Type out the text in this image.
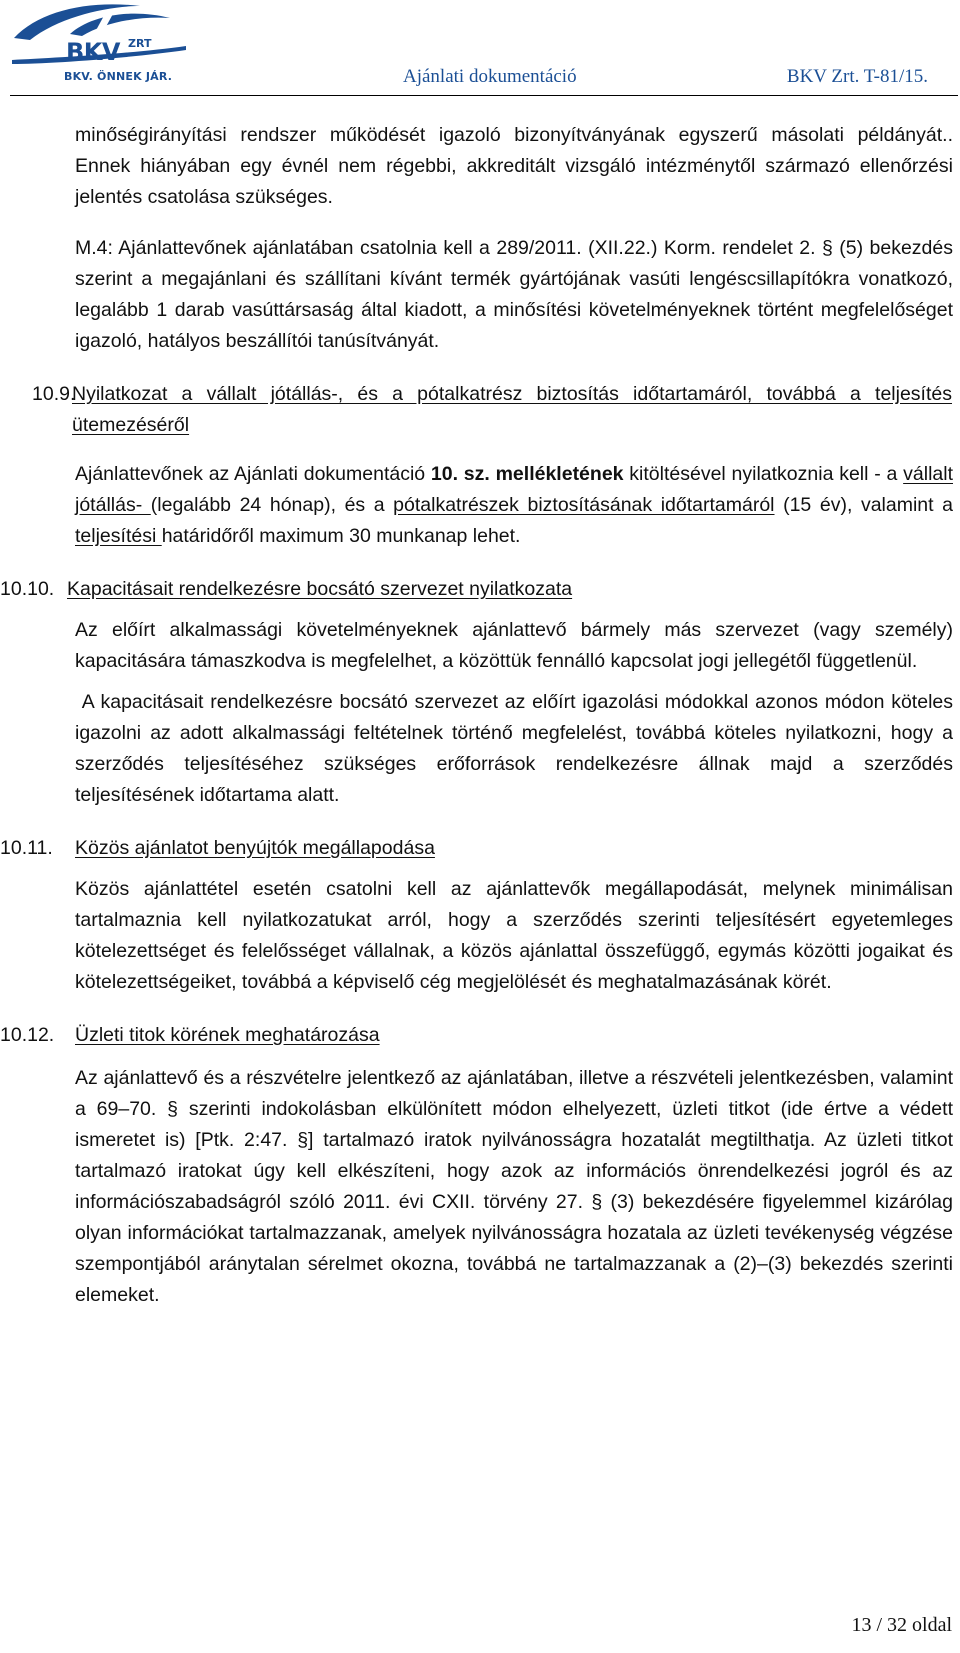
BKV ZRT
BKV. ÖNNEK JÁR.	Ajánlati dokumentáció	BKV Zrt. T-81/15.

minőségirányítási rendszer működését igazoló bizonyítványának egyszerű másolati példányát.. Ennek hiányában egy évnél nem régebbi, akkreditált vizsgáló intézménytől származó ellenőrzési jelentés csatolása szükséges.

M.4: Ajánlattevőnek ajánlatában csatolnia kell a 289/2011. (XII.22.) Korm. rendelet 2. § (5) bekezdés szerint a megajánlani és szállítani kívánt termék gyártójának vasúti lengéscsillapítókra vonatkozó, legalább 1 darab vasúttársaság által kiadott, a minősítési követelményeknek történt megfelelőséget igazoló, hatályos beszállítói tanúsítványát.

10.9.
Nyilatkozat a vállalt jótállás-, és a pótalkatrész biztosítás időtartamáról, továbbá a teljesítés ütemezéséről

Ajánlattevőnek az Ajánlati dokumentáció 10. sz. mellékletének kitöltésével nyilatkoznia kell - a vállalt jótállás- (legalább 24 hónap), és a pótalkatrészek biztosításának időtartamáról (15 év), valamint a teljesítési határidőről maximum 30 munkanap lehet.

10.10. Kapacitásait rendelkezésre bocsátó szervezet nyilatkozata

Az előírt alkalmassági követelményeknek ajánlattevő bármely más szervezet (vagy személy) kapacitására támaszkodva is megfelelhet, a közöttük fennálló kapcsolat jogi jellegétől függetlenül.

A kapacitásait rendelkezésre bocsátó szervezet az előírt igazolási módokkal azonos módon köteles igazolni az adott alkalmassági feltételnek történő megfelelést, továbbá köteles nyilatkozni, hogy a szerződés teljesítéséhez szükséges erőforrások rendelkezésre állnak majd a szerződés teljesítésének időtartama alatt.

10.11. Közös ajánlatot benyújtók megállapodása

Közös ajánlattétel esetén csatolni kell az ajánlattevők megállapodását, melynek minimálisan tartalmaznia kell nyilatkozatukat arról, hogy a szerződés szerinti teljesítésért egyetemleges kötelezettséget és felelősséget vállalnak, a közös ajánlattal összefüggő, egymás közötti jogaikat és kötelezettségeiket, továbbá a képviselő cég megjelölését és meghatalmazásának körét.

10.12. Üzleti titok körének meghatározása

Az ajánlattevő és a részvételre jelentkező az ajánlatában, illetve a részvételi jelentkezésben, valamint a 69–70. § szerinti indokolásban elkülönített módon elhelyezett, üzleti titkot (ide értve a védett ismeretet is) [Ptk. 2:47. §] tartalmazó iratok nyilvánosságra hozatalát megtilthatja. Az üzleti titkot tartalmazó iratokat úgy kell elkészíteni, hogy azok az információs önrendelkezési jogról és az információszabadságról szóló 2011. évi CXII. törvény 27. § (3) bekezdésére figyelemmel kizárólag olyan információkat tartalmazzanak, amelyek nyilvánosságra hozatala az üzleti tevékenység végzése szempontjából aránytalan sérelmet okozna, továbbá ne tartalmazzanak a (2)–(3) bekezdés szerinti elemeket.

13 / 32 oldal
